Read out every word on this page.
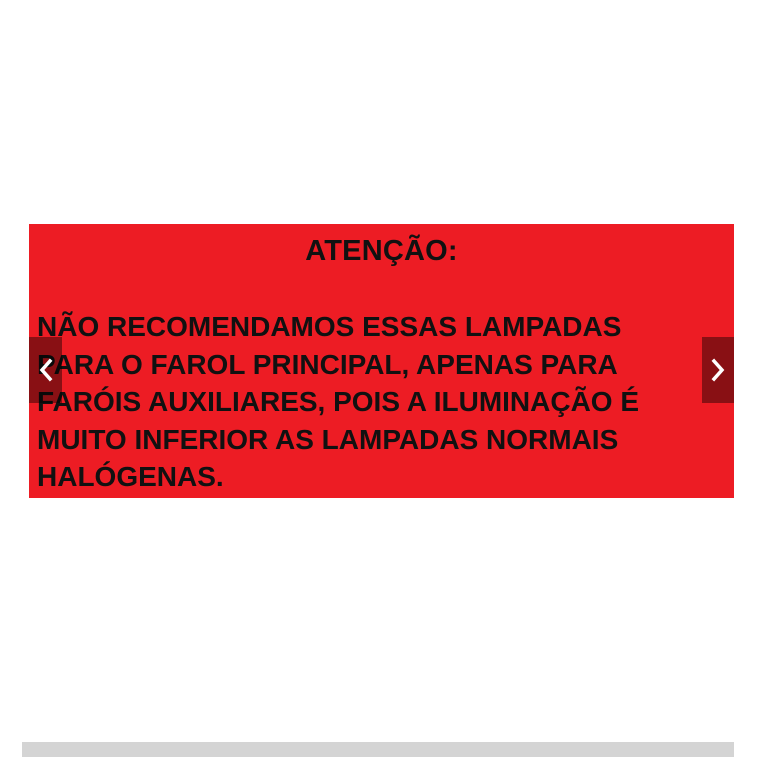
ATENÇÃO:

NÃO RECOMENDAMOS ESSAS LAMPADAS
PARA O FAROL PRINCIPAL, APENAS PARA
FARÓIS AUXILIARES, POIS A ILUMINAÇÃO É
MUITO INFERIOR AS LAMPADAS NORMAIS
HALÓGENAS.
